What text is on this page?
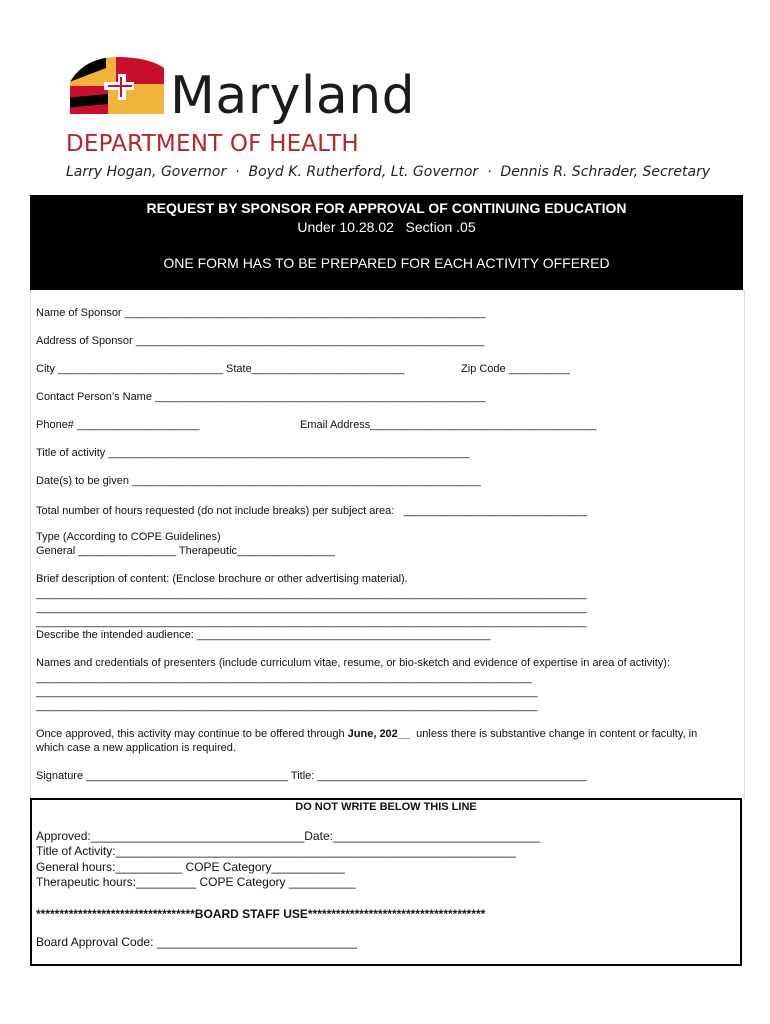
Maryland
DEPARTMENT OF HEALTH
Larry Hogan, Governor  ·  Boyd K. Rutherford, Lt. Governor  ·  Dennis R. Schrader, Secretary
REQUEST BY SPONSOR FOR APPROVAL OF CONTINUING EDUCATION
Under 10.28.02   Section .05
ONE FORM HAS TO BE PREPARED FOR EACH ACTIVITY OFFERED
Name of Sponsor ___________________________________________________________
Address of Sponsor _________________________________________________________
City ___________________________ State_________________________	Zip Code __________
Contact Person’s Name ______________________________________________________
Phone# ____________________	Email Address_____________________________________
Title of activity ___________________________________________________________
Date(s) to be given _________________________________________________________
Total number of hours requested (do not include breaks) per subject area:   ______________________________
Type (According to COPE Guidelines)
General ________________ Therapeutic________________
Brief description of content: (Enclose brochure or other advertising material).
__________________________________________________________________________________________
__________________________________________________________________________________________
__________________________________________________________________________________________
Describe the intended audience: ________________________________________________
Names and credentials of presenters (include curriculum vitae, resume, or bio-sketch and evidence of expertise in area of activity):
_________________________________________________________________________________
__________________________________________________________________________________
__________________________________________________________________________________
Once approved, this activity may continue to be offered through June, 202__  unless there is substantive change in content or faculty, in
which case a new application is required.
Signature _________________________________ Title: ____________________________________________
DO NOT WRITE BELOW THIS LINE
Approved:________________________________Date:_______________________________
Title of Activity:____________________________________________________________
General hours:__________ COPE Category___________
Therapeutic hours:_________ COPE Category __________
**********************************BOARD STAFF USE**************************************
Board Approval Code: ______________________________
